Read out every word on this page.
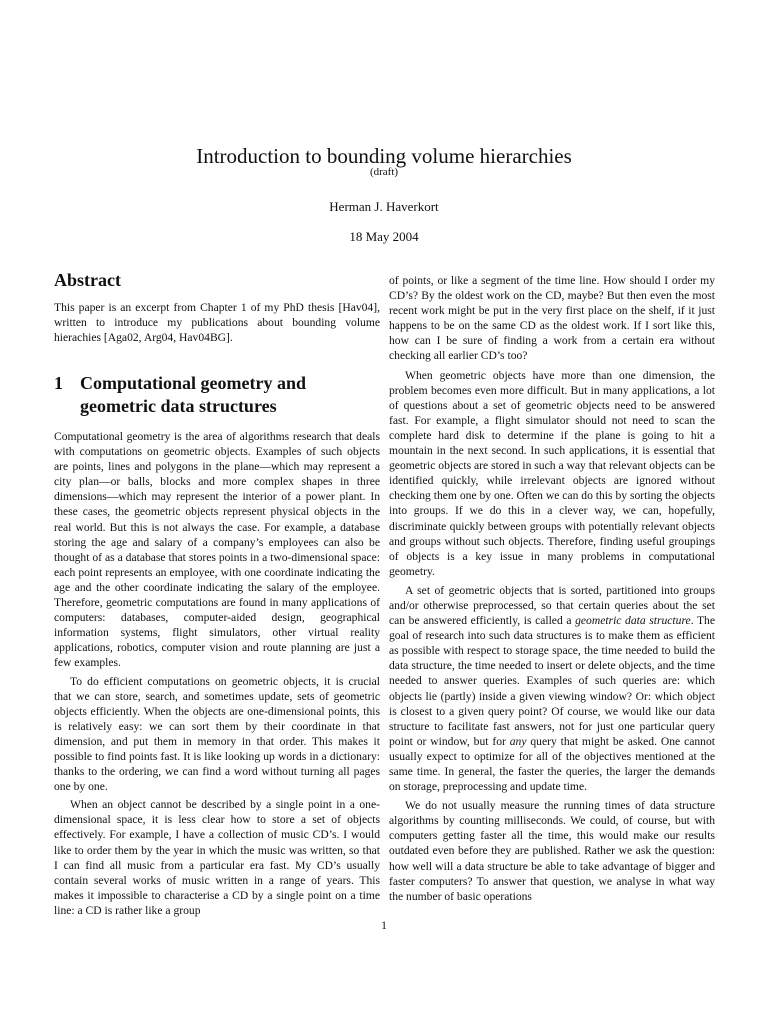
Introduction to bounding volume hierarchies
(draft)
Herman J. Haverkort
18 May 2004
Abstract

This paper is an excerpt from Chapter 1 of my PhD thesis [Hav04], written to introduce my publications about bounding volume hierachies [Aga02, Arg04, Hav04BG].

1 Computational geometry and
geometric data structures

Computational geometry is the area of algorithms research that deals with computations on geometric objects. Examples of such objects are points, lines and polygons in the plane—which may represent a city plan—or balls, blocks and more complex shapes in three dimensions—which may represent the interior of a power plant. In these cases, the geometric objects represent physical objects in the real world. But this is not always the case. For example, a database storing the age and salary of a company’s employees can also be thought of as a database that stores points in a two-dimensional space: each point represents an employee, with one coordinate indicating the age and the other coordinate indicating the salary of the employee. Therefore, geometric computations are found in many applications of computers: databases, computer-aided design, geographical information systems, flight simulators, other virtual reality applications, robotics, computer vision and route planning are just a few examples.

To do efficient computations on geometric objects, it is crucial that we can store, search, and sometimes update, sets of geometric objects efficiently. When the objects are one-dimensional points, this is relatively easy: we can sort them by their coordinate in that dimension, and put them in memory in that order. This makes it possible to find points fast. It is like looking up words in a dictionary: thanks to the ordering, we can find a word without turning all pages one by one.

When an object cannot be described by a single point in a one-dimensional space, it is less clear how to store a set of objects effectively. For example, I have a collection of music CD’s. I would like to order them by the year in which the music was written, so that I can find all music from a particular era fast. My CD’s usually contain several works of music written in a range of years. This makes it impossible to characterise a CD by a single point on a time line: a CD is rather like a group

of points, or like a segment of the time line. How should I order my CD’s? By the oldest work on the CD, maybe? But then even the most recent work might be put in the very first place on the shelf, if it just happens to be on the same CD as the oldest work. If I sort like this, how can I be sure of finding a work from a certain era without checking all earlier CD’s too?

When geometric objects have more than one dimension, the problem becomes even more difficult. But in many applications, a lot of questions about a set of geometric objects need to be answered fast. For example, a flight simulator should not need to scan the complete hard disk to determine if the plane is going to hit a mountain in the next second. In such applications, it is essential that geometric objects are stored in such a way that relevant objects can be identified quickly, while irrelevant objects are ignored without checking them one by one. Often we can do this by sorting the objects into groups. If we do this in a clever way, we can, hopefully, discriminate quickly between groups with potentially relevant objects and groups without such objects. Therefore, finding useful groupings of objects is a key issue in many problems in computational geometry.

A set of geometric objects that is sorted, partitioned into groups and/or otherwise preprocessed, so that certain queries about the set can be answered efficiently, is called a geometric data structure. The goal of research into such data structures is to make them as efficient as possible with respect to storage space, the time needed to build the data structure, the time needed to insert or delete objects, and the time needed to answer queries. Examples of such queries are: which objects lie (partly) inside a given viewing window? Or: which object is closest to a given query point? Of course, we would like our data structure to facilitate fast answers, not for just one particular query point or window, but for any query that might be asked. One cannot usually expect to optimize for all of the objectives mentioned at the same time. In general, the faster the queries, the larger the demands on storage, preprocessing and update time.

We do not usually measure the running times of data structure algorithms by counting milliseconds. We could, of course, but with computers getting faster all the time, this would make our results outdated even before they are published. Rather we ask the question: how well will a data structure be able to take advantage of bigger and faster computers? To answer that question, we analyse in what way the number of basic operations

1
